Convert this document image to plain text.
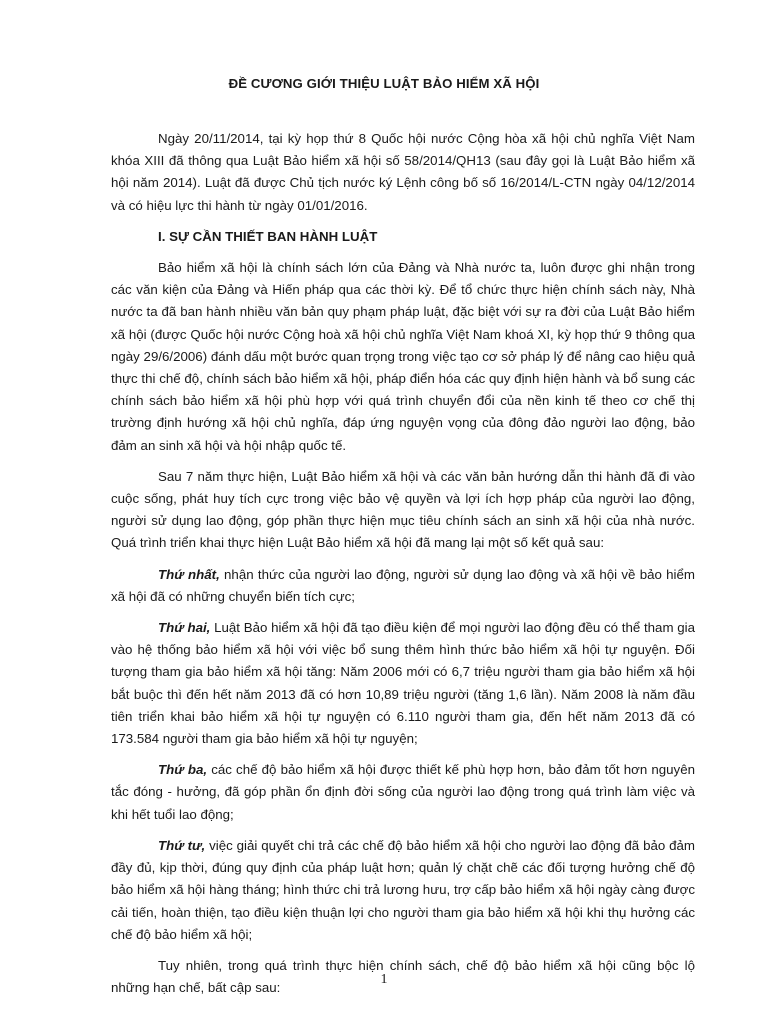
ĐỀ CƯƠNG GIỚI THIỆU LUẬT BẢO HIỂM XÃ HỘI

Ngày 20/11/2014, tại kỳ họp thứ 8 Quốc hội nước Cộng hòa xã hội chủ nghĩa Việt Nam khóa XIII đã thông qua Luật Bảo hiểm xã hội số 58/2014/QH13 (sau đây gọi là Luật Bảo hiểm xã hội năm 2014). Luật đã được Chủ tịch nước ký Lệnh công bố số 16/2014/L-CTN ngày 04/12/2014 và có hiệu lực thi hành từ ngày 01/01/2016.

I. SỰ CẦN THIẾT BAN HÀNH LUẬT

Bảo hiểm xã hội là chính sách lớn của Đảng và Nhà nước ta, luôn được ghi nhận trong các văn kiện của Đảng và Hiến pháp qua các thời kỳ. Để tổ chức thực hiện chính sách này, Nhà nước ta đã ban hành nhiều văn bản quy phạm pháp luật, đặc biệt với sự ra đời của Luật Bảo hiểm xã hội (được Quốc hội nước Cộng hoà xã hội chủ nghĩa Việt Nam khoá XI, kỳ họp thứ 9 thông qua ngày 29/6/2006) đánh dấu một bước quan trọng trong việc tạo cơ sở pháp lý để nâng cao hiệu quả thực thi chế độ, chính sách bảo hiểm xã hội, pháp điển hóa các quy định hiện hành và bổ sung các chính sách bảo hiểm xã hội phù hợp với quá trình chuyển đổi của nền kinh tế theo cơ chế thị trường định hướng xã hội chủ nghĩa, đáp ứng nguyện vọng của đông đảo người lao động, bảo đảm an sinh xã hội và hội nhập quốc tế.

Sau 7 năm thực hiện, Luật Bảo hiểm xã hội và các văn bản hướng dẫn thi hành đã đi vào cuộc sống, phát huy tích cực trong việc bảo vệ quyền và lợi ích hợp pháp của người lao động, người sử dụng lao động, góp phần thực hiện mục tiêu chính sách an sinh xã hội của nhà nước. Quá trình triển khai thực hiện Luật Bảo hiểm xã hội đã mang lại một số kết quả sau:

Thứ nhất, nhận thức của người lao động, người sử dụng lao động và xã hội về bảo hiểm xã hội đã có những chuyển biến tích cực;

Thứ hai, Luật Bảo hiểm xã hội đã tạo điều kiện để mọi người lao động đều có thể tham gia vào hệ thống bảo hiểm xã hội với việc bổ sung thêm hình thức bảo hiểm xã hội tự nguyện. Đối tượng tham gia bảo hiểm xã hội tăng: Năm 2006 mới có 6,7 triệu người tham gia bảo hiểm xã hội bắt buộc thì đến hết năm 2013 đã có hơn 10,89 triệu người (tăng 1,6 lần). Năm 2008 là năm đầu tiên triển khai bảo hiểm xã hội tự nguyện có 6.110 người tham gia, đến hết năm 2013 đã có 173.584 người tham gia bảo hiểm xã hội tự nguyện;

Thứ ba, các chế độ bảo hiểm xã hội được thiết kế phù hợp hơn, bảo đảm tốt hơn nguyên tắc đóng - hưởng, đã góp phần ổn định đời sống của người lao động trong quá trình làm việc và khi hết tuổi lao động;

Thứ tư, việc giải quyết chi trả các chế độ bảo hiểm xã hội cho người lao động đã bảo đảm đầy đủ, kịp thời, đúng quy định của pháp luật hơn; quản lý chặt chẽ các đối tượng hưởng chế độ bảo hiểm xã hội hàng tháng; hình thức chi trả lương hưu, trợ cấp bảo hiểm xã hội ngày càng được cải tiến, hoàn thiện, tạo điều kiện thuận lợi cho người tham gia bảo hiểm xã hội khi thụ hưởng các chế độ bảo hiểm xã hội;

Tuy nhiên, trong quá trình thực hiện chính sách, chế độ bảo hiểm xã hội cũng bộc lộ những hạn chế, bất cập sau:

1
